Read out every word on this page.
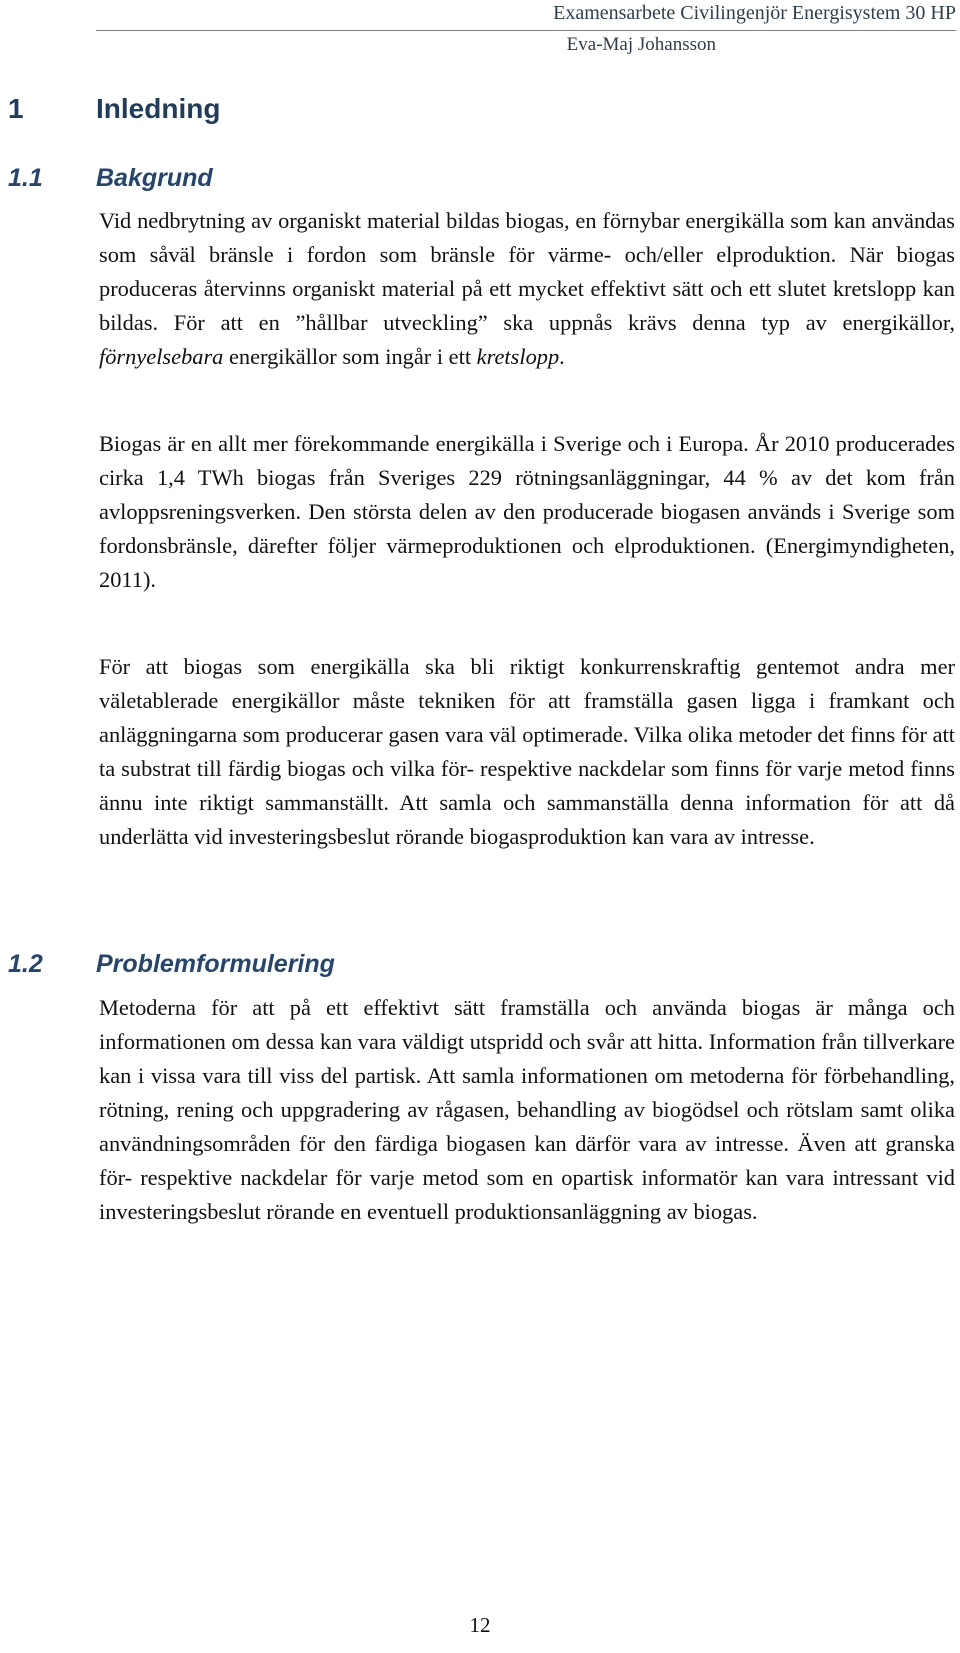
Examensarbete Civilingenjör Energisystem 30 HP
Eva-Maj Johansson
1	Inledning
1.1 Bakgrund

Vid nedbrytning av organiskt material bildas biogas, en förnybar energikälla som kan användas som såväl bränsle i fordon som bränsle för värme- och/eller elproduktion. När biogas produceras återvinns organiskt material på ett mycket effektivt sätt och ett slutet kretslopp kan bildas. För att en ”hållbar utveckling” ska uppnås krävs denna typ av energikällor, förnyelsebara energikällor som ingår i ett kretslopp.

Biogas är en allt mer förekommande energikälla i Sverige och i Europa. År 2010 producerades cirka 1,4 TWh biogas från Sveriges 229 rötningsanläggningar, 44 % av det kom från avloppsreningsverken. Den största delen av den producerade biogasen används i Sverige som fordonsbränsle, därefter följer värmeproduktionen och elproduktionen. (Energimyndigheten, 2011).

För att biogas som energikälla ska bli riktigt konkurrenskraftig gentemot andra mer väletablerade energikällor måste tekniken för att framställa gasen ligga i framkant och anläggningarna som producerar gasen vara väl optimerade. Vilka olika metoder det finns för att ta substrat till färdig biogas och vilka för- respektive nackdelar som finns för varje metod finns ännu inte riktigt sammanställt. Att samla och sammanställa denna information för att då underlätta vid investeringsbeslut rörande biogasproduktion kan vara av intresse.

1.2 Problemformulering

Metoderna för att på ett effektivt sätt framställa och använda biogas är många och informationen om dessa kan vara väldigt utspridd och svår att hitta. Information från tillverkare kan i vissa vara till viss del partisk. Att samla informationen om metoderna för förbehandling, rötning, rening och uppgradering av rågasen, behandling av biogödsel och rötslam samt olika användningsområden för den färdiga biogasen kan därför vara av intresse. Även att granska för- respektive nackdelar för varje metod som en opartisk informatör kan vara intressant vid investeringsbeslut rörande en eventuell produktionsanläggning av biogas.

12
